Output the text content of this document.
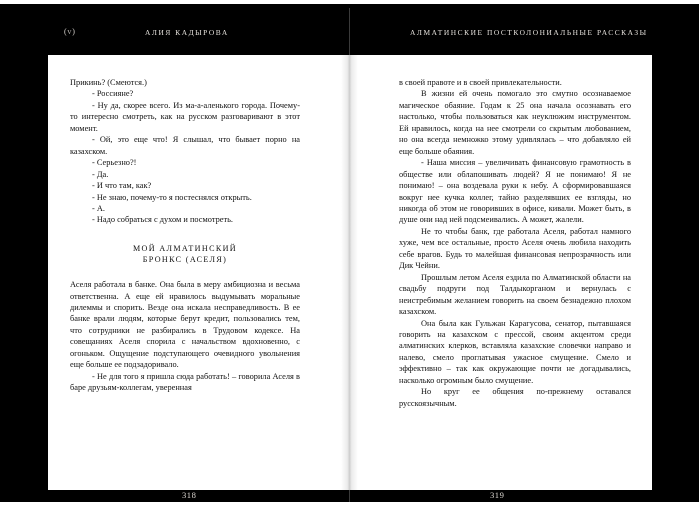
(v)	АЛИЯ КАДЫРОВА	АЛМАТИНСКИЕ ПОСТКОЛОНИАЛЬНЫЕ РАССКАЗЫ

Прикинь? (Смеются.)

- Россияне?

- Ну да, скорее всего. Из ма-а-аленького города. Почему-то интересно смотреть, как на русском разговаривают в этот момент.

- Ой, это еще что! Я слышал, что бывает порно на казахском.

- Серьезно?!

- Да.

- И что там, как?

- Не знаю, почему-то я постеснялся открыть.

- А.

- Надо собраться с духом и посмотреть.

МОЙ АЛМАТИНСКИЙ
БРОНКС (АСЕЛЯ)

Аселя работала в банке. Она была в меру амбициозна и весьма ответственна. А еще ей нравилось выдумывать моральные дилеммы и спорить. Везде она искала несправедливость. В ее банке врали людям, которые берут кредит, пользовались тем, что сотрудники не разбирались в Трудовом кодексе. На совещаниях Аселя спорила с начальством вдохновенно, с огоньком. Ощущение подступающего очевидного увольнения еще больше ее подзадоривало.

- Не для того я пришла сюда работать! – говорила Аселя в баре друзьям-коллегам, уверенная

в своей правоте и в своей привлекательности.

В жизни ей очень помогало это смутно осознаваемое магическое обаяние. Годам к 25 она начала осознавать его настолько, чтобы пользоваться как неуклюжим инструментом. Ей нравилось, когда на нее смотрели со скрытым любованием, но она всегда немножко этому удивлялась – что добавляло ей еще больше обаяния.

- Наша миссия – увеличивать финансовую грамотность в обществе или облапошивать людей? Я не понимаю! Я не понимаю! – она воздевала руки к небу. А сформировавшаяся вокруг нее кучка коллег, тайно разделявших ее взгляды, но никогда об этом не говоривших в офисе, кивали. Может быть, в душе они над ней подсмеивались. А может, жалели.

Не то чтобы банк, где работала Аселя, работал намного хуже, чем все остальные, просто Аселя очень любила находить себе врагов. Будь то малейшая финансовая непрозрачность или Дик Чейни.

Прошлым летом Аселя ездила по Алматинской области на свадьбу подруги под Талдыкорганом и вернулась с неистребимым желанием говорить на своем безнадежно плохом казахском.

Она была как Гульжан Карагусова, сенатор, пытавшаяся говорить на казахском с прессой, своим акцентом среди алматинских клерков, вставляла казахские словечки направо и налево, смело проглатывая ужасное смущение. Смело и эффективно – так как окружающие почти не догадывались, насколько огромным было смущение.

Но круг ее общения по-прежнему оставался русскоязычным.

318	319
